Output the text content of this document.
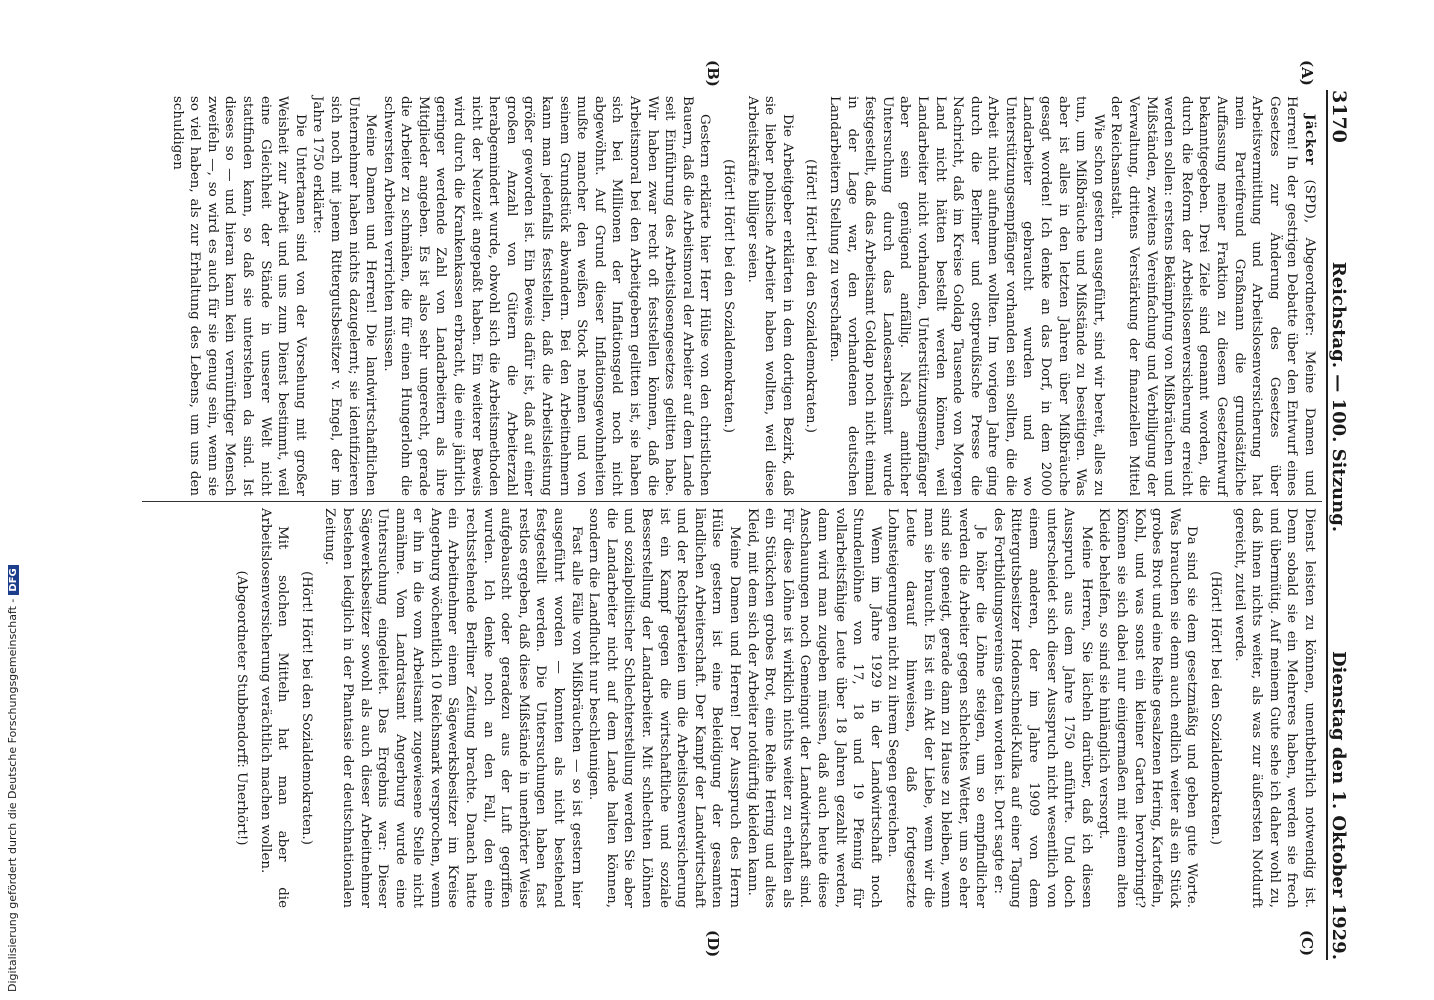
3170
Reichstag. — 100. Sitzung.
Dienstag den 1. Oktober 1929.
(A)
(B)
(C)
(D)

Jäcker (SPD), Abgeordneter: Meine Damen und Herren! In der gestrigen Debatte über den Entwurf eines Gesetzes zur Änderung des Gesetzes über Arbeitsvermittlung und Arbeitslosenversicherung hat mein Parteifreund Graßmann die grundsätzliche Auffassung meiner Fraktion zu diesem Gesetzentwurf bekanntgegeben. Drei Ziele sind genannt worden, die durch die Reform der Arbeitslosenversicherung erreicht werden sollen: erstens Bekämpfung von Mißbräuchen und Mißständen, zweitens Vereinfachung und Verbilligung der Verwaltung, drittens Verstärkung der finanziellen Mittel der Reichsanstalt.

Wie schon gestern ausgeführt, sind wir bereit, alles zu tun, um Mißbräuche und Mißstände zu beseitigen. Was aber ist alles in den letzten Jahren über Mißbräuche gesagt worden! Ich denke an das Dorf, in dem 2000 Landarbeiter gebraucht wurden und wo Unterstützungsempfänger vorhanden sein sollten, die die Arbeit nicht aufnehmen wollten. Im vorigen Jahre ging durch die Berliner und ostpreußische Presse die Nachricht, daß im Kreise Goldap Tausende von Morgen Land nicht hätten bestellt werden können, weil Landarbeiter nicht vorhanden, Unterstützungsempfänger aber sein genügend anfällig. Nach amtlicher Untersuchung durch das Landesarbeitsamt wurde festgestellt, daß das Arbeitsamt Goldap noch nicht einmal in der Lage war, den vorhandenen deutschen Landarbeitern Stellung zu verschaffen.

(Hört! Hört! bei den Sozialdemokraten.)

Die Arbeitgeber erklärten in dem dortigen Bezirk, daß sie lieber polnische Arbeiter haben wollten, weil diese Arbeitskräfte billiger seien.

(Hört! Hört! bei den Sozialdemokraten.)

Gestern erklärte hier Herr Hülse von den christlichen Bauern, daß die Arbeitsmoral der Arbeiter auf dem Lande seit Einführung des Arbeitslosengesetzes gelitten habe. Wir haben zwar recht oft feststellen können, daß die Arbeitsmoral bei den Arbeitgebern gelitten ist, sie haben sich bei Millionen der Inflationsgeld noch nicht abgewöhnt. Auf Grund dieser Inflationsgewohnheiten mußte mancher den weißen Stock nehmen und von seinem Grundstück abwandern. Bei den Arbeitnehmern kann man jedenfalls feststellen, daß die Arbeitsleistung größer geworden ist. Ein Beweis dafür ist, daß auf einer großen Anzahl von Gütern die Arbeiterzahl herabgemindert wurde, obwohl sich die Arbeitsmethoden nicht der Neuzeit angepaßt haben. Ein weiterer Beweis wird durch die Krankenkassen erbracht, die eine jährlich geringer werdende Zahl von Landarbeitern als ihre Mitglieder angeben. Es ist also sehr ungerecht, gerade die Arbeiter zu schmähen, die für einen Hungerlohn die schwersten Arbeiten verrichten müssen.

Meine Damen und Herren! Die landwirtschaftlichen Unternehmer haben nichts dazugelernt; sie identifizieren sich noch mit jenem Rittergutsbesitzer v. Engel, der im Jahre 1750 erklärte:

Die Untertanen sind von der Vorsehung mit großer Weisheit zur Arbeit und uns zum Dienst bestimmt, weil eine Gleichheit der Stände in unserer Welt nicht stattfinden kann, so daß sie unterstehen da sind. Ist dieses so — und hieran kann kein vernünftiger Mensch zweifeln —, so wird es auch für sie genug sein, wenn sie so viel haben, als zur Erhaltung des Lebens, um uns den schuldigen

Dienst leisten zu können, unentbehrlich notwendig ist. Denn sobald sie ein Mehreres haben, werden sie frech und übermütig. Auf meinem Gute sehe ich daher wohl zu, daß ihnen nichts weiter, als was zur äußersten Notdurft gereicht, zuteil werde.

(Hört! Hört! bei den Sozialdemokraten.)

Da sind sie dem gesetzmäßig und geben gute Worte. Was brauchen sie denn auch endlich weiter als ein Stück grobes Brot und eine Reihe gesalzenen Hering, Kartoffeln, Kohl, und was sonst ein kleiner Garten hervorbringt? Können sie sich dabei nur einigermaßen mit einem alten Kleide behelfen, so sind sie hinlänglich versorgt.

Meine Herren, Sie lächeln darüber, daß ich diesen Ausspruch aus dem Jahre 1750 anführte. Und doch unterscheidet sich dieser Ausspruch nicht wesentlich von einem anderen, der im Jahre 1909 von dem Rittergutsbesitzer Hodenschneid-Kulka auf einer Tagung des Fortbildungsvereins getan worden ist. Dort sagte er:

Je höher die Löhne steigen, um so empfindlicher werden die Arbeiter gegen schlechtes Wetter, um so eher sind sie geneigt, gerade dann zu Hause zu bleiben, wenn man sie braucht. Es ist ein Akt der Liebe, wenn wir die Leute darauf hinweisen, daß fortgesetzte Lohnsteigerungen nicht zu ihrem Segen gereichen.

Wenn im Jahre 1929 in der Landwirtschaft noch Stundenlöhne von 17, 18 und 19 Pfennig für vollarbeitsfähige Leute über 18 Jahren gezahlt werden, dann wird man zugeben müssen, daß auch heute diese Anschauungen noch Gemeingut der Landwirtschaft sind. Für diese Löhne ist wirklich nichts weiter zu erhalten als ein Stückchen grobes Brot, eine Reihe Hering und altes Kleid, mit dem sich der Arbeiter notdürftig kleiden kann.

Meine Damen und Herren! Der Ausspruch des Herrn Hülse gestern ist eine Beleidigung der gesamten ländlichen Arbeiterschaft. Der Kampf der Landwirtschaft und der Rechtsparteien um die Arbeitslosenversicherung ist ein Kampf gegen die wirtschaftliche und soziale Besserstellung der Landarbeiter. Mit schlechten Löhnen und sozialpolitischer Schlechterstellung werden Sie aber die Landarbeiter nicht auf dem Lande halten können, sondern die Landflucht nur beschleunigen.

Fast alle Fälle von Mißbräuchen — so ist gestern hier ausgeführt worden — konnten als nicht bestehend festgestellt werden. Die Untersuchungen haben fast restlos ergeben, daß diese Mißstände in unerhörter Weise aufgebauscht oder geradezu aus der Luft gegriffen wurden. Ich denke noch an den Fall, den eine rechtsstehende Berliner Zeitung brachte. Danach hatte ein Arbeitnehmer einem Sägewerksbesitzer im Kreise Angerburg wöchentlich 10 Reichsmark versprochen, wenn er ihn in die vom Arbeitsamt zugewiesene Stelle nicht annähme. Vom Landratsamt Angerburg wurde eine Untersuchung eingeleitet. Das Ergebnis war: Dieser Sägewerksbesitzer sowohl als auch dieser Arbeitnehmer bestehen lediglich in der Phantasie der deutschnationalen Zeitung.

(Hört! Hört! bei den Sozialdemokraten.)

Mit solchen Mitteln hat man aber die Arbeitslosenversicherung verächtlich machen wollen.

(Abgeordneter Stubbendorff: Unerhört!)

Digitalisierung gefördert durch die Deutsche Forschungsgemeinschaft -DFG
